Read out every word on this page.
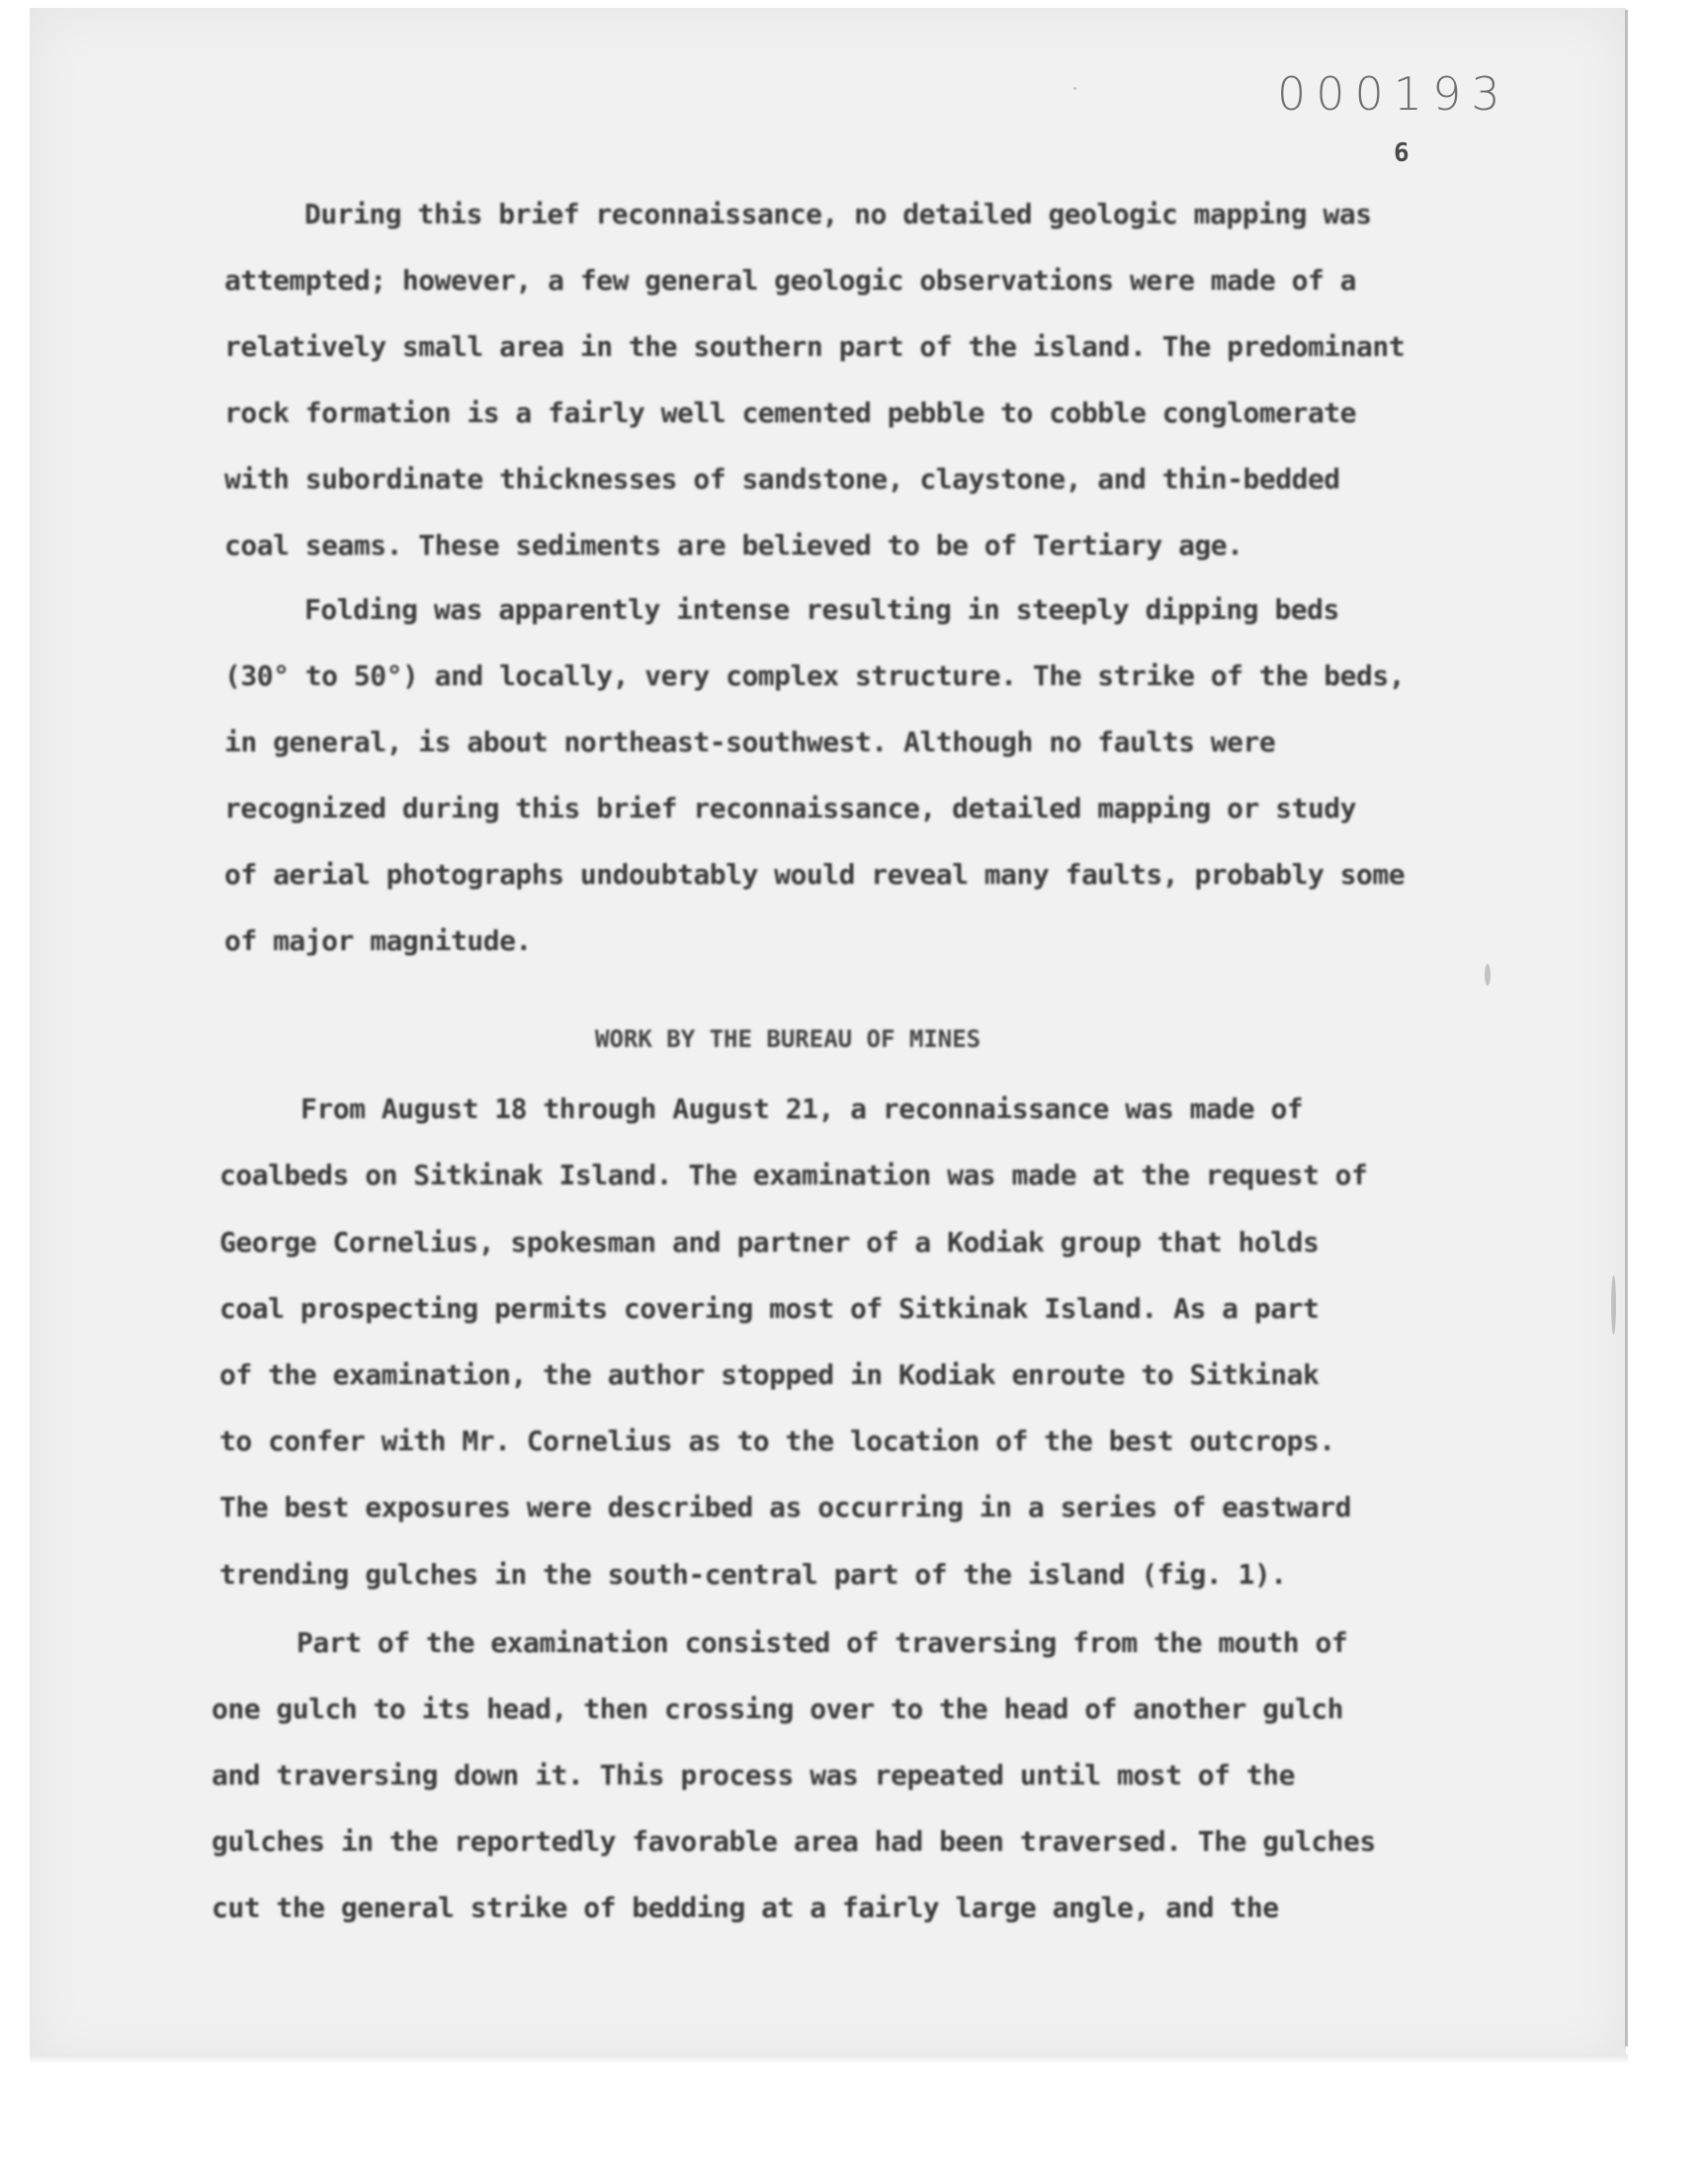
000193
6
During this brief reconnaissance, no detailed geologic mapping was
attempted; however, a few general geologic observations were made of a
relatively small area in the southern part of the island. The predominant
rock formation is a fairly well cemented pebble to cobble conglomerate
with subordinate thicknesses of sandstone, claystone, and thin-bedded
coal seams. These sediments are believed to be of Tertiary age.
Folding was apparently intense resulting in steeply dipping beds
(30° to 50°) and locally, very complex structure. The strike of the beds,
in general, is about northeast-southwest. Although no faults were
recognized during this brief reconnaissance, detailed mapping or study
of aerial photographs undoubtably would reveal many faults, probably some
of major magnitude.
WORK BY THE BUREAU OF MINES
From August 18 through August 21, a reconnaissance was made of
coalbeds on Sitkinak Island. The examination was made at the request of
George Cornelius, spokesman and partner of a Kodiak group that holds
coal prospecting permits covering most of Sitkinak Island. As a part
of the examination, the author stopped in Kodiak enroute to Sitkinak
to confer with Mr. Cornelius as to the location of the best outcrops.
The best exposures were described as occurring in a series of eastward
trending gulches in the south-central part of the island (fig. 1).
Part of the examination consisted of traversing from the mouth of
one gulch to its head, then crossing over to the head of another gulch
and traversing down it. This process was repeated until most of the
gulches in the reportedly favorable area had been traversed. The gulches
cut the general strike of bedding at a fairly large angle, and the
